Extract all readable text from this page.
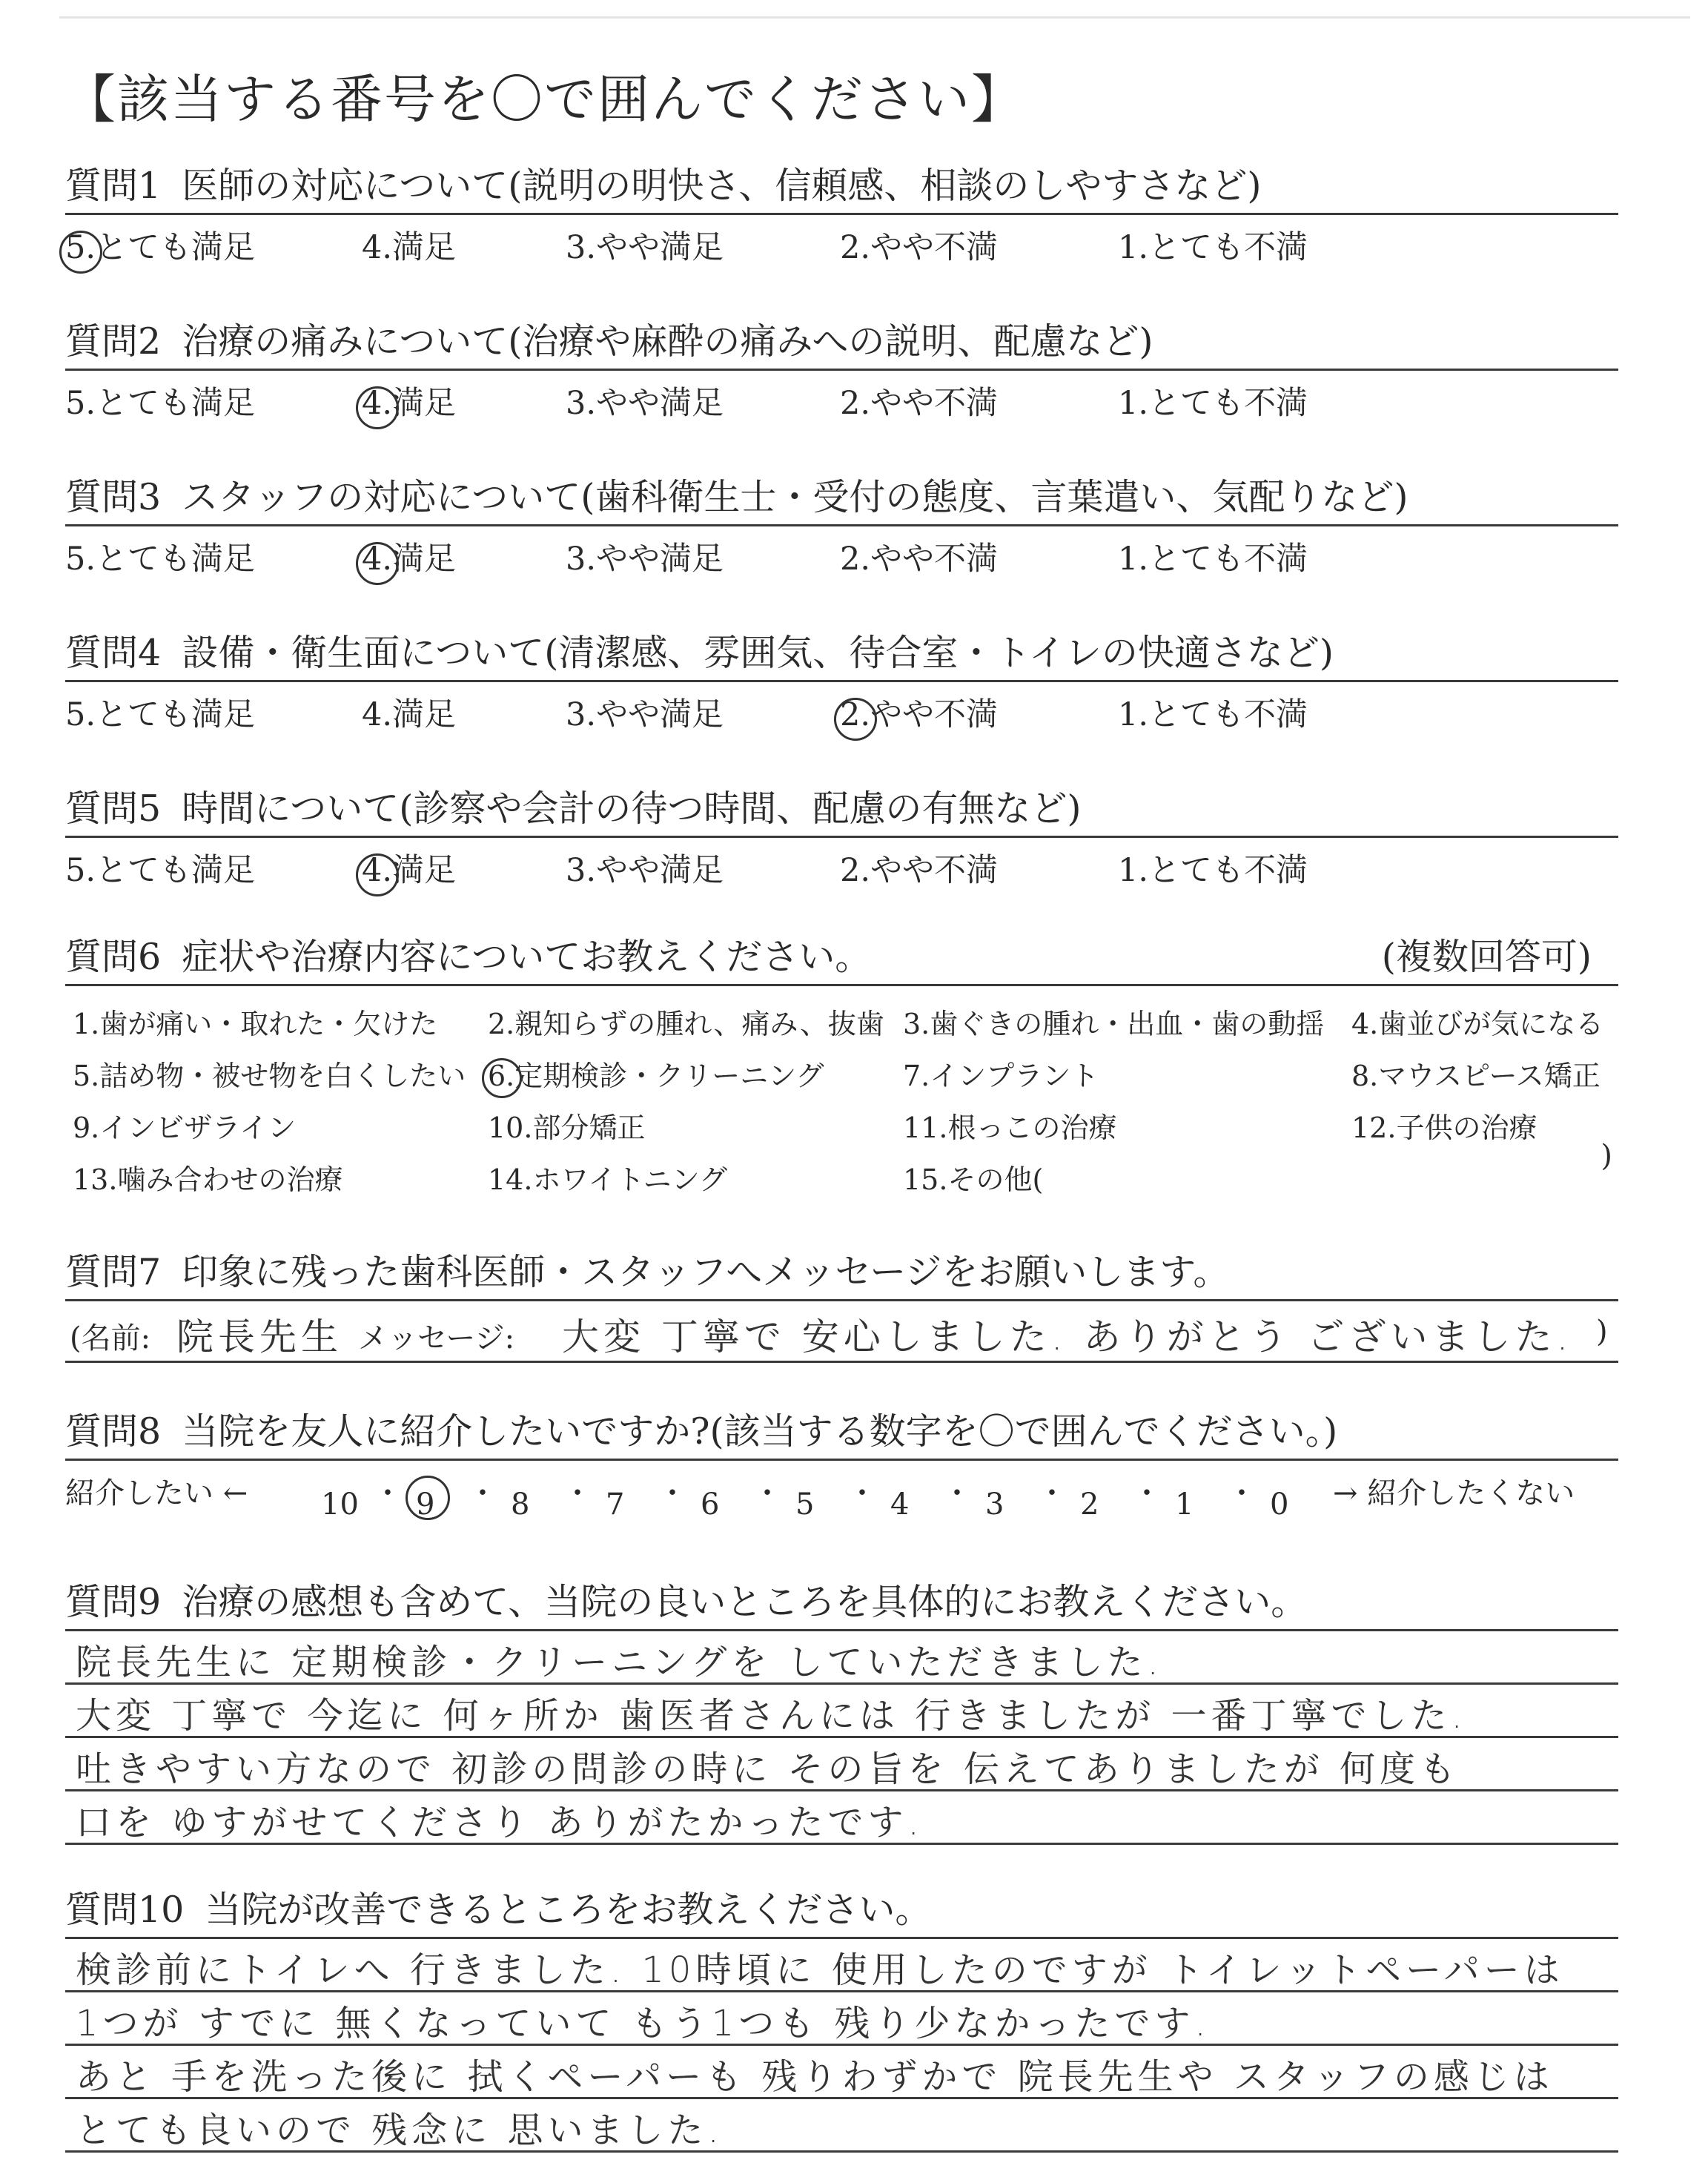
【該当する番号を〇で囲んでください】
質問1 医師の対応について(説明の明快さ、信頼感、相談のしやすさなど)
5.とても満足	4.満足	3.やや満足	2.やや不満	1.とても不満
質問2 治療の痛みについて(治療や麻酔の痛みへの説明、配慮など)
5.とても満足	4.満足	3.やや満足	2.やや不満	1.とても不満
質問3 スタッフの対応について(歯科衛生士・受付の態度、言葉遣い、気配りなど)
5.とても満足	4.満足	3.やや満足	2.やや不満	1.とても不満
質問4 設備・衛生面について(清潔感、雰囲気、待合室・トイレの快適さなど)
5.とても満足	4.満足	3.やや満足	2.やや不満	1.とても不満
質問5 時間について(診察や会計の待つ時間、配慮の有無など)
5.とても満足	4.満足	3.やや満足	2.やや不満	1.とても不満
質問6 症状や治療内容についてお教えください。	(複数回答可)
)
1.歯が痛い・取れた・欠けた 2.親知らずの腫れ、痛み、抜歯 3.歯ぐきの腫れ・出血・歯の動揺 4.歯並びが気になる
5.詰め物・被せ物を白くしたい 6.定期検診・クリーニング	7.インプラント	8.マウスピース矯正
9.インビザライン	10.部分矯正	11.根っこの治療	12.子供の治療
13.噛み合わせの治療	14.ホワイトニング	15.その他(
質問7 印象に残った歯科医師・スタッフへメッセージをお願いします。
(名前: 院長先生 メッセージ: 大変 丁寧で 安心しました. ありがとう ございました. )
質問8 当院を友人に紹介したいですか?(該当する数字を〇で囲んでください。)
紹介したい ←	→ 紹介したくない
10 ・ 9 ・ 8 ・ 7 ・ 6 ・ 5 ・ 4 ・ 3 ・ 2 ・ 1 ・ 0
質問9 治療の感想も含めて、当院の良いところを具体的にお教えください。
院長先生に 定期検診・クリーニングを していただきました.
大変 丁寧で 今迄に 何ヶ所か 歯医者さんには 行きましたが 一番丁寧でした.
吐きやすい方なので 初診の問診の時に その旨を 伝えてありましたが 何度も
口を ゆすがせてくださり ありがたかったです.
質問10 当院が改善できるところをお教えください。
検診前にトイレへ 行きました. 10時頃に 使用したのですが トイレットペーパーは
1つが すでに 無くなっていて もう1つも 残り少なかったです.
あと 手を洗った後に 拭くペーパーも 残りわずかで 院長先生や スタッフの感じは
とても良いので 残念に 思いました.
